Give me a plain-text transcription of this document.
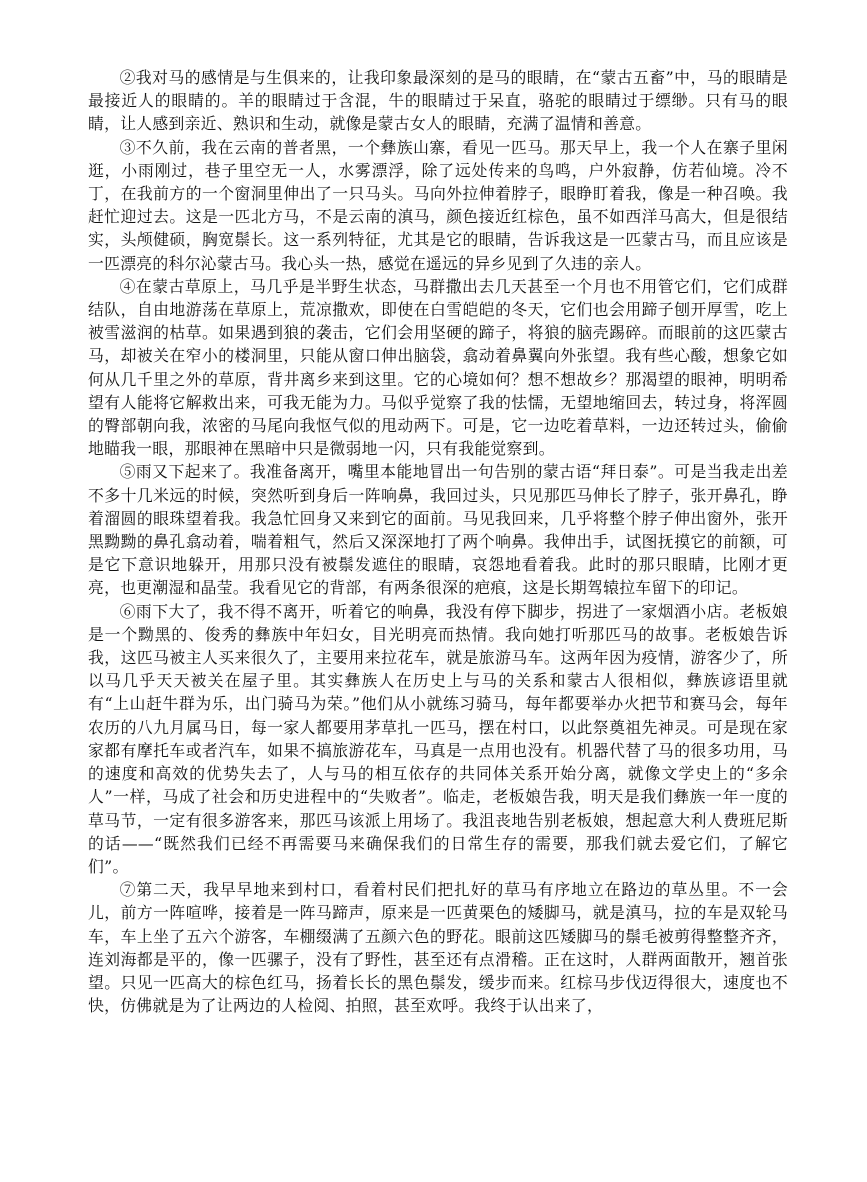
②我对马的感情是与生俱来的，让我印象最深刻的是马的眼睛，在“蒙古五畜”中，马的眼睛是最接近人的眼睛的。羊的眼睛过于含混，牛的眼睛过于呆直，骆驼的眼睛过于缥缈。只有马的眼睛，让人感到亲近、熟识和生动，就像是蒙古女人的眼睛，充满了温情和善意。

③不久前，我在云南的普者黑，一个彝族山寨，看见一匹马。那天早上，我一个人在寨子里闲逛，小雨刚过，巷子里空无一人，水雾漂浮，除了远处传来的鸟鸣，户外寂静，仿若仙境。冷不丁，在我前方的一个窗洞里伸出了一只马头。马向外拉伸着脖子，眼睁盯着我，像是一种召唤。我赶忙迎过去。这是一匹北方马，不是云南的滇马，颜色接近红棕色，虽不如西洋马高大，但是很结实，头颅健硕，胸宽鬃长。这一系列特征，尤其是它的眼睛，告诉我这是一匹蒙古马，而且应该是一匹漂亮的科尔沁蒙古马。我心头一热，感觉在遥远的异乡见到了久违的亲人。

④在蒙古草原上，马几乎是半野生状态，马群撒出去几天甚至一个月也不用管它们，它们成群结队，自由地游荡在草原上，荒凉撒欢，即使在白雪皑皑的冬天，它们也会用蹄子刨开厚雪，吃上被雪滋润的枯草。如果遇到狼的袭击，它们会用坚硬的蹄子，将狼的脑壳踢碎。而眼前的这匹蒙古马，却被关在窄小的楼洞里，只能从窗口伸出脑袋，翕动着鼻翼向外张望。我有些心酸，想象它如何从几千里之外的草原，背井离乡来到这里。它的心境如何？想不想故乡？那渴望的眼神，明明希望有人能将它解救出来，可我无能为力。马似乎觉察了我的怯懦，无望地缩回去，转过身，将浑圆的臀部朝向我，浓密的马尾向我怄气似的甩动两下。可是，它一边吃着草料，一边还转过头，偷偷地瞄我一眼，那眼神在黑暗中只是微弱地一闪，只有我能觉察到。

⑤雨又下起来了。我准备离开，嘴里本能地冒出一句告别的蒙古语“拜日泰”。可是当我走出差不多十几米远的时候，突然听到身后一阵响鼻，我回过头，只见那匹马伸长了脖子，张开鼻孔，睁着溜圆的眼珠望着我。我急忙回身又来到它的面前。马见我回来，几乎将整个脖子伸出窗外，张开黑黝黝的鼻孔翕动着，喘着粗气，然后又深深地打了两个响鼻。我伸出手，试图抚摸它的前额，可是它下意识地躲开，用那只没有被鬃发遮住的眼睛，哀怨地看着我。此时的那只眼睛，比刚才更亮，也更潮湿和晶莹。我看见它的背部，有两条很深的疤痕，这是长期驾辕拉车留下的印记。

⑥雨下大了，我不得不离开，听着它的响鼻，我没有停下脚步，拐进了一家烟酒小店。老板娘是一个黝黑的、俊秀的彝族中年妇女，目光明亮而热情。我向她打听那匹马的故事。老板娘告诉我，这匹马被主人买来很久了，主要用来拉花车，就是旅游马车。这两年因为疫情，游客少了，所以马几乎天天被关在屋子里。其实彝族人在历史上与马的关系和蒙古人很相似，彝族谚语里就有“上山赶牛群为乐，出门骑马为荣。”他们从小就练习骑马，每年都要举办火把节和赛马会，每年农历的八九月属马日，每一家人都要用茅草扎一匹马，摆在村口，以此祭奠祖先神灵。可是现在家家都有摩托车或者汽车，如果不搞旅游花车，马真是一点用也没有。机器代替了马的很多功用，马的速度和高效的优势失去了，人与马的相互依存的共同体关系开始分离，就像文学史上的“多余人”一样，马成了社会和历史进程中的“失败者”。临走，老板娘告我，明天是我们彝族一年一度的草马节，一定有很多游客来，那匹马该派上用场了。我沮丧地告别老板娘，想起意大利人费班尼斯的话——“既然我们已经不再需要马来确保我们的日常生存的需要，那我们就去爱它们，了解它们”。

⑦第二天，我早早地来到村口，看着村民们把扎好的草马有序地立在路边的草丛里。不一会儿，前方一阵喧哗，接着是一阵马蹄声，原来是一匹黄栗色的矮脚马，就是滇马，拉的车是双轮马车，车上坐了五六个游客，车棚缀满了五颜六色的野花。眼前这匹矮脚马的鬃毛被剪得整整齐齐，连刘海都是平的，像一匹骡子，没有了野性，甚至还有点滑稽。正在这时，人群两面散开，翘首张望。只见一匹高大的棕色红马，扬着长长的黑色鬃发，缓步而来。红棕马步伐迈得很大，速度也不快，仿佛就是为了让两边的人检阅、拍照，甚至欢呼。我终于认出来了，
